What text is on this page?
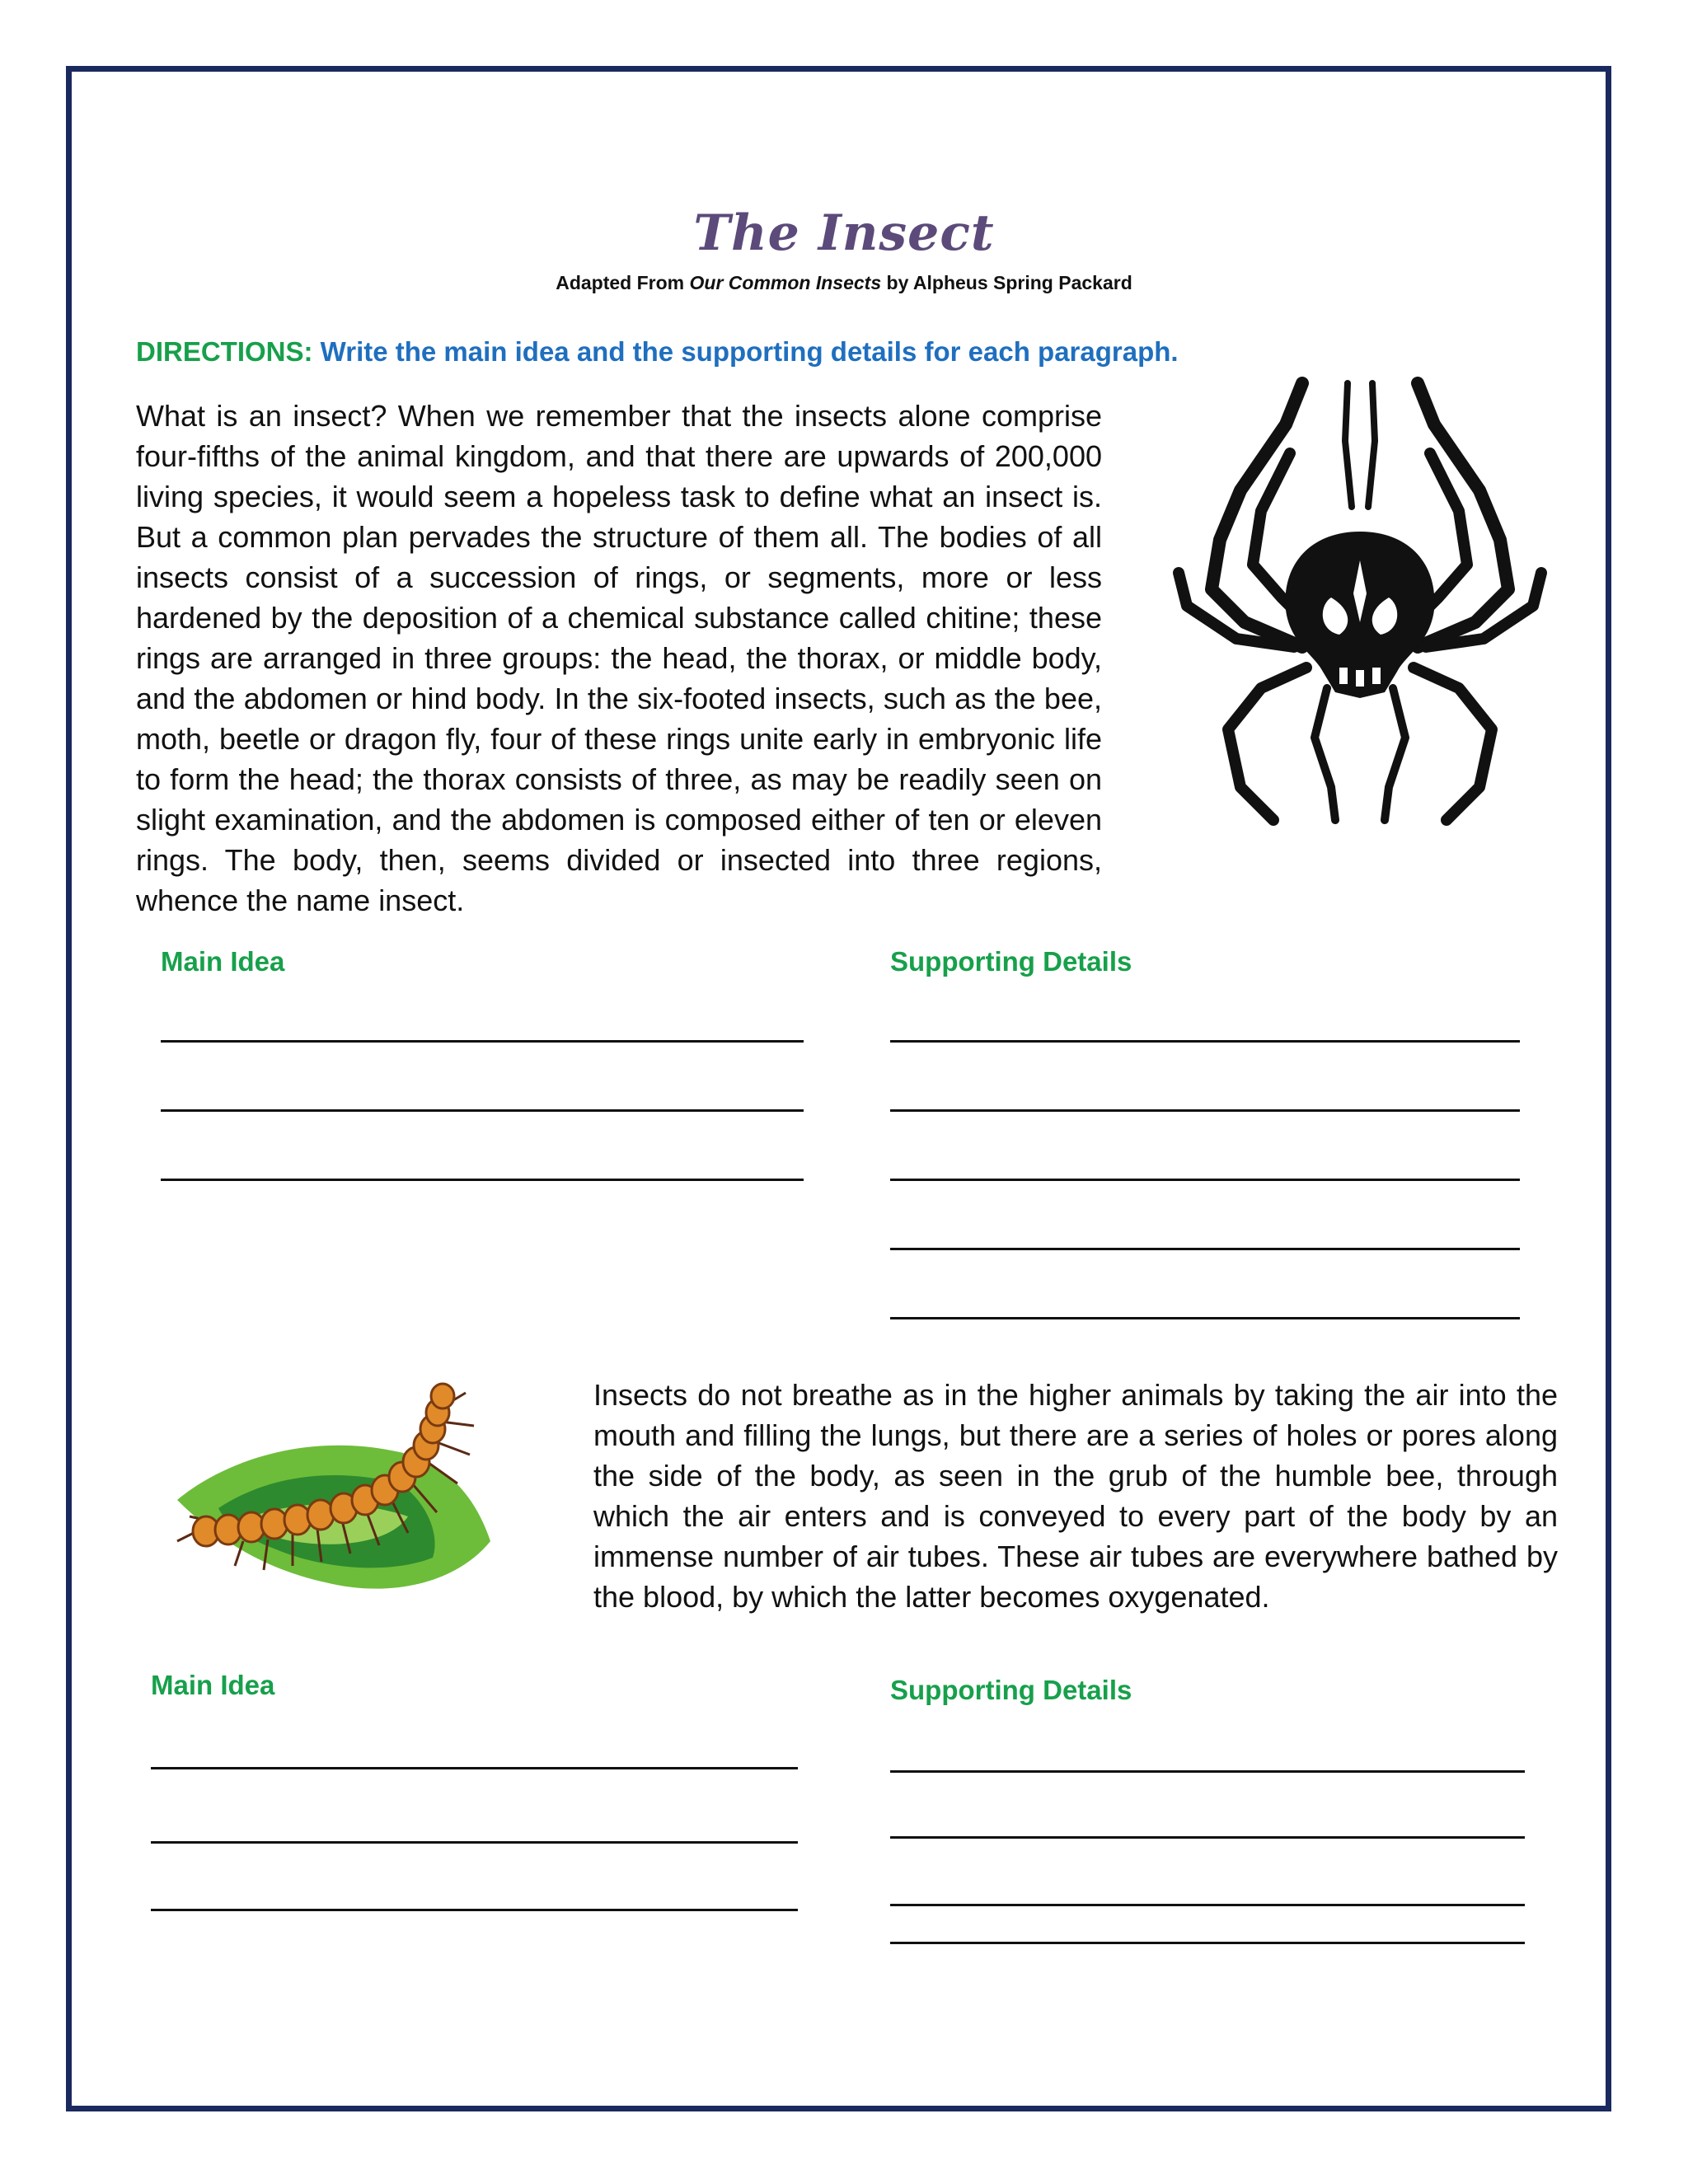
The Insect
Adapted From Our Common Insects by Alpheus Spring Packard
DIRECTIONS: Write the main idea and the supporting details for each paragraph.
What is an insect? When we remember that the insects alone comprise four-fifths of the animal kingdom, and that there are upwards of 200,000 living species, it would seem a hopeless task to define what an insect is. But a common plan pervades the structure of them all. The bodies of all insects consist of a succession of rings, or segments, more or less hardened by the deposition of a chemical substance called chitine; these rings are arranged in three groups: the head, the thorax, or middle body, and the abdomen or hind body. In the six-footed insects, such as the bee, moth, beetle or dragon fly, four of these rings unite early in embryonic life to form the head; the thorax consists of three, as may be readily seen on slight examination, and the abdomen is composed either of ten or eleven rings. The body, then, seems divided or insected into three regions, whence the name insect.
Main Idea	Supporting Details
Insects do not breathe as in the higher animals by taking the air into the mouth and filling the lungs, but there are a series of holes or pores along the side of the body, as seen in the grub of the humble bee, through which the air enters and is conveyed to every part of the body by an immense number of air tubes. These air tubes are everywhere bathed by the blood, by which the latter becomes oxygenated.
Main Idea	Supporting Details
